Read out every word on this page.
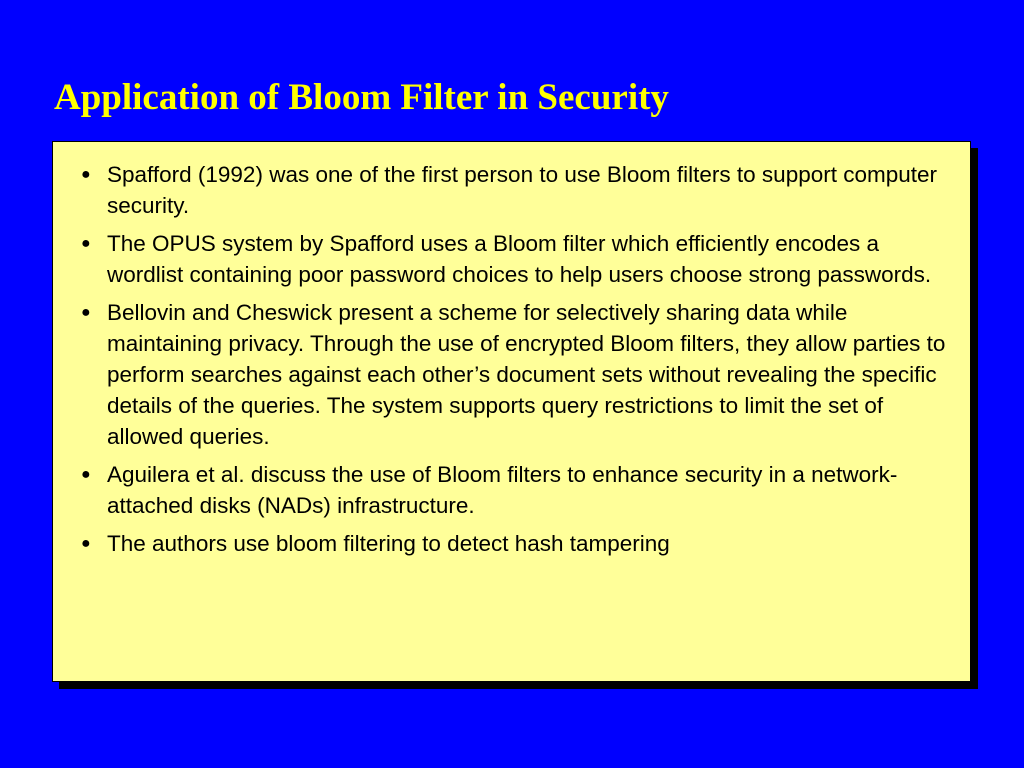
Application of Bloom Filter in Security
● Spafford (1992) was one of the first person to use Bloom filters to support computer security.
● The OPUS system by Spafford uses a Bloom filter which efficiently encodes a wordlist containing poor password choices to help users choose strong passwords.
● Bellovin and Cheswick present a scheme for selectively sharing data while maintaining privacy. Through the use of encrypted Bloom filters, they allow parties to perform searches against each other’s document sets without revealing the specific details of the queries. The system supports query restrictions to limit the set of allowed queries.
● Aguilera et al. discuss the use of Bloom filters to enhance security in a network-attached disks (NADs) infrastructure.
● The authors use bloom filtering to detect hash tampering
